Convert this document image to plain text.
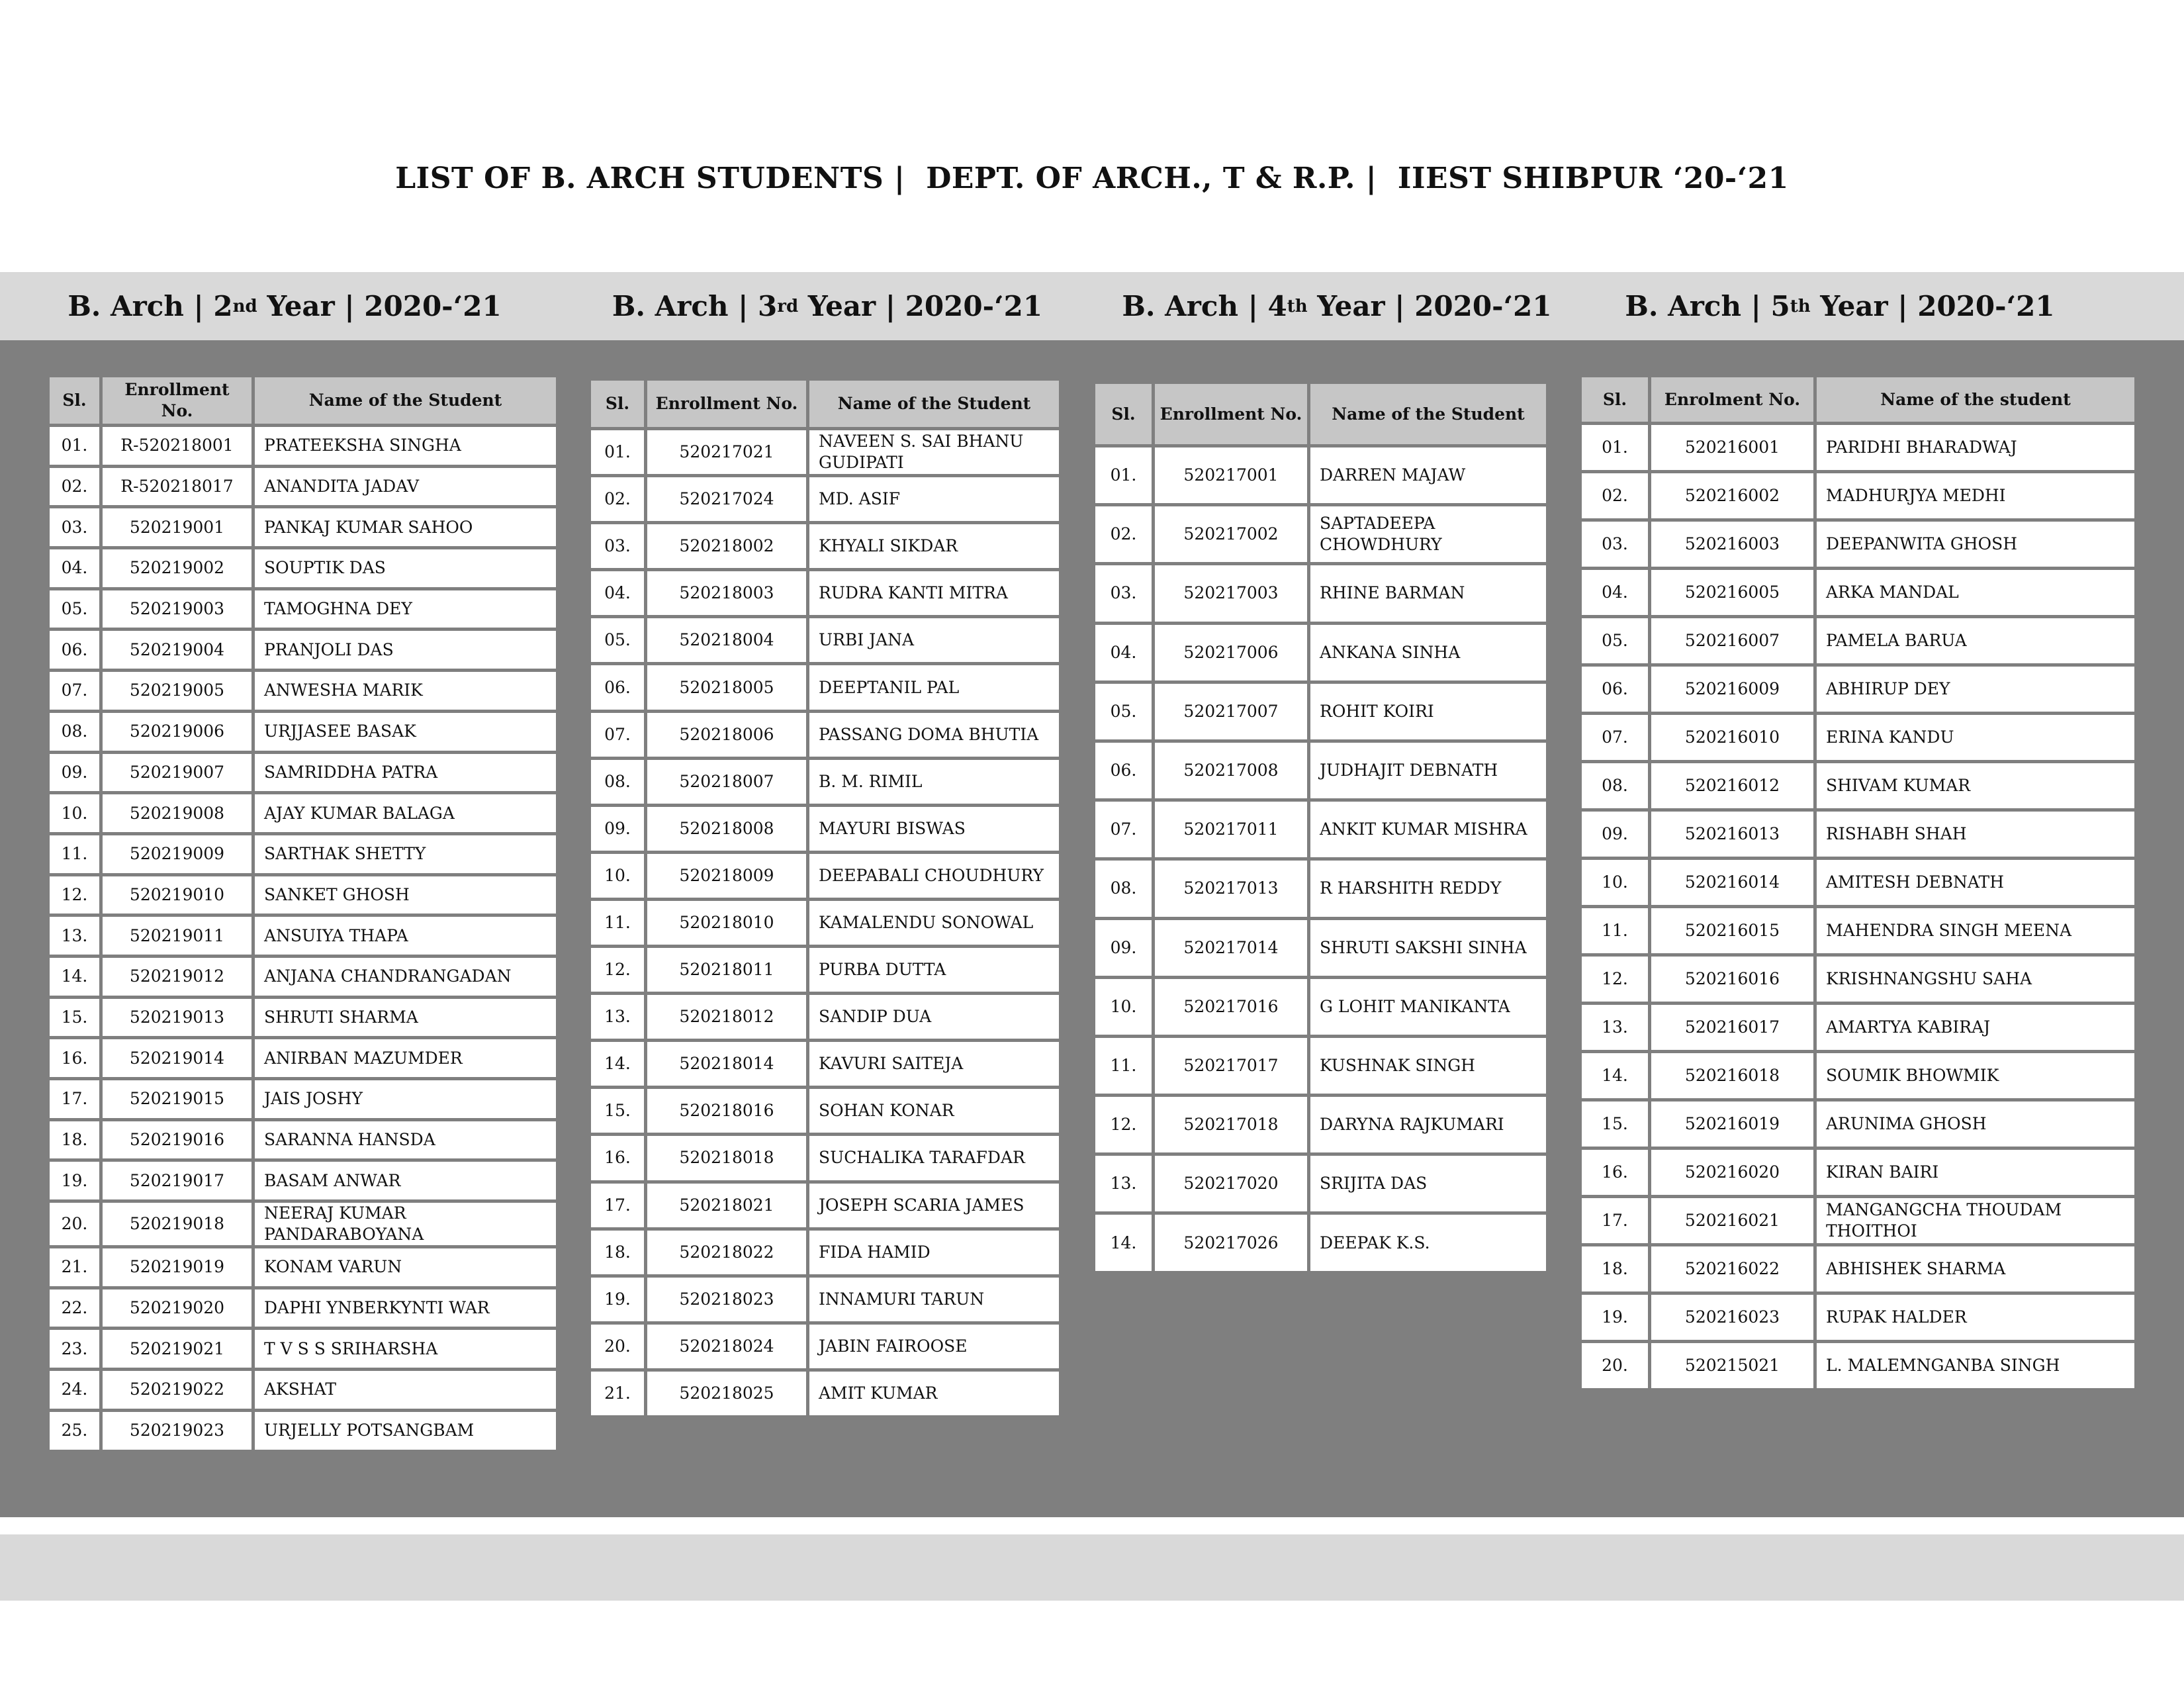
LIST OF B. ARCH STUDENTS |  DEPT. OF ARCH., T & R.P. |  IIEST SHIBPUR ‘20-‘21
B. Arch | 2 nd Year | 2020-‘21	B. Arch | 3 rd Year | 2020-‘21	B. Arch | 4 th Year | 2020-‘21	B. Arch | 5 th Year | 2020-‘21
Sl.	Enrollment No.	Name of the Student
01.	R-520218001	PRATEEKSHA SINGHA
02.	R-520218017	ANANDITA JADAV
03.	520219001	PANKAJ KUMAR SAHOO
04.	520219002	SOUPTIK DAS
05.	520219003	TAMOGHNA DEY
06.	520219004	PRANJOLI DAS
07.	520219005	ANWESHA MARIK
08.	520219006	URJJASEE BASAK
09.	520219007	SAMRIDDHA PATRA
10.	520219008	AJAY KUMAR BALAGA
11.	520219009	SARTHAK SHETTY
12.	520219010	SANKET GHOSH
13.	520219011	ANSUIYA THAPA
14.	520219012	ANJANA CHANDRANGADAN
15.	520219013	SHRUTI SHARMA
16.	520219014	ANIRBAN MAZUMDER
17.	520219015	JAIS JOSHY
18.	520219016	SARANNA HANSDA
19.	520219017	BASAM ANWAR
20.	520219018	NEERAJ KUMAR PANDARABOYANA
21.	520219019	KONAM VARUN
22.	520219020	DAPHI YNBERKYNTI WAR
23.	520219021	T V S S SRIHARSHA
24.	520219022	AKSHAT
25.	520219023	URJELLY POTSANGBAM
Sl.	Enrollment No.	Name of the Student
01.	520217021	NAVEEN S. SAI BHANU GUDIPATI
02.	520217024	MD. ASIF
03.	520218002	KHYALI SIKDAR
04.	520218003	RUDRA KANTI MITRA
05.	520218004	URBI JANA
06.	520218005	DEEPTANIL PAL
07.	520218006	PASSANG DOMA BHUTIA
08.	520218007	B. M. RIMIL
09.	520218008	MAYURI BISWAS
10.	520218009	DEEPABALI CHOUDHURY
11.	520218010	KAMALENDU SONOWAL
12.	520218011	PURBA DUTTA
13.	520218012	SANDIP DUA
14.	520218014	KAVURI SAITEJA
15.	520218016	SOHAN KONAR
16.	520218018	SUCHALIKA TARAFDAR
17.	520218021	JOSEPH SCARIA JAMES
18.	520218022	FIDA HAMID
19.	520218023	INNAMURI TARUN
20.	520218024	JABIN FAIROOSE
21.	520218025	AMIT KUMAR
Sl.	Enrollment No.	Name of the Student
01.	520217001	DARREN MAJAW
02.	520217002	SAPTADEEPA CHOWDHURY
03.	520217003	RHINE BARMAN
04.	520217006	ANKANA SINHA
05.	520217007	ROHIT KOIRI
06.	520217008	JUDHAJIT DEBNATH
07.	520217011	ANKIT KUMAR MISHRA
08.	520217013	R HARSHITH REDDY
09.	520217014	SHRUTI SAKSHI SINHA
10.	520217016	G LOHIT MANIKANTA
11.	520217017	KUSHNAK SINGH
12.	520217018	DARYNA RAJKUMARI
13.	520217020	SRIJITA DAS
14.	520217026	DEEPAK K.S.
Sl.	Enrolment No.	Name of the student
01.	520216001	PARIDHI BHARADWAJ
02.	520216002	MADHURJYA MEDHI
03.	520216003	DEEPANWITA GHOSH
04.	520216005	ARKA MANDAL
05.	520216007	PAMELA BARUA
06.	520216009	ABHIRUP DEY
07.	520216010	ERINA KANDU
08.	520216012	SHIVAM KUMAR
09.	520216013	RISHABH SHAH
10.	520216014	AMITESH DEBNATH
11.	520216015	MAHENDRA SINGH MEENA
12.	520216016	KRISHNANGSHU SAHA
13.	520216017	AMARTYA KABIRAJ
14.	520216018	SOUMIK BHOWMIK
15.	520216019	ARUNIMA GHOSH
16.	520216020	KIRAN BAIRI
17.	520216021	MANGANGCHA THOUDAM THOITHOI
18.	520216022	ABHISHEK SHARMA
19.	520216023	RUPAK HALDER
20.	520215021	L. MALEMNGANBA SINGH
